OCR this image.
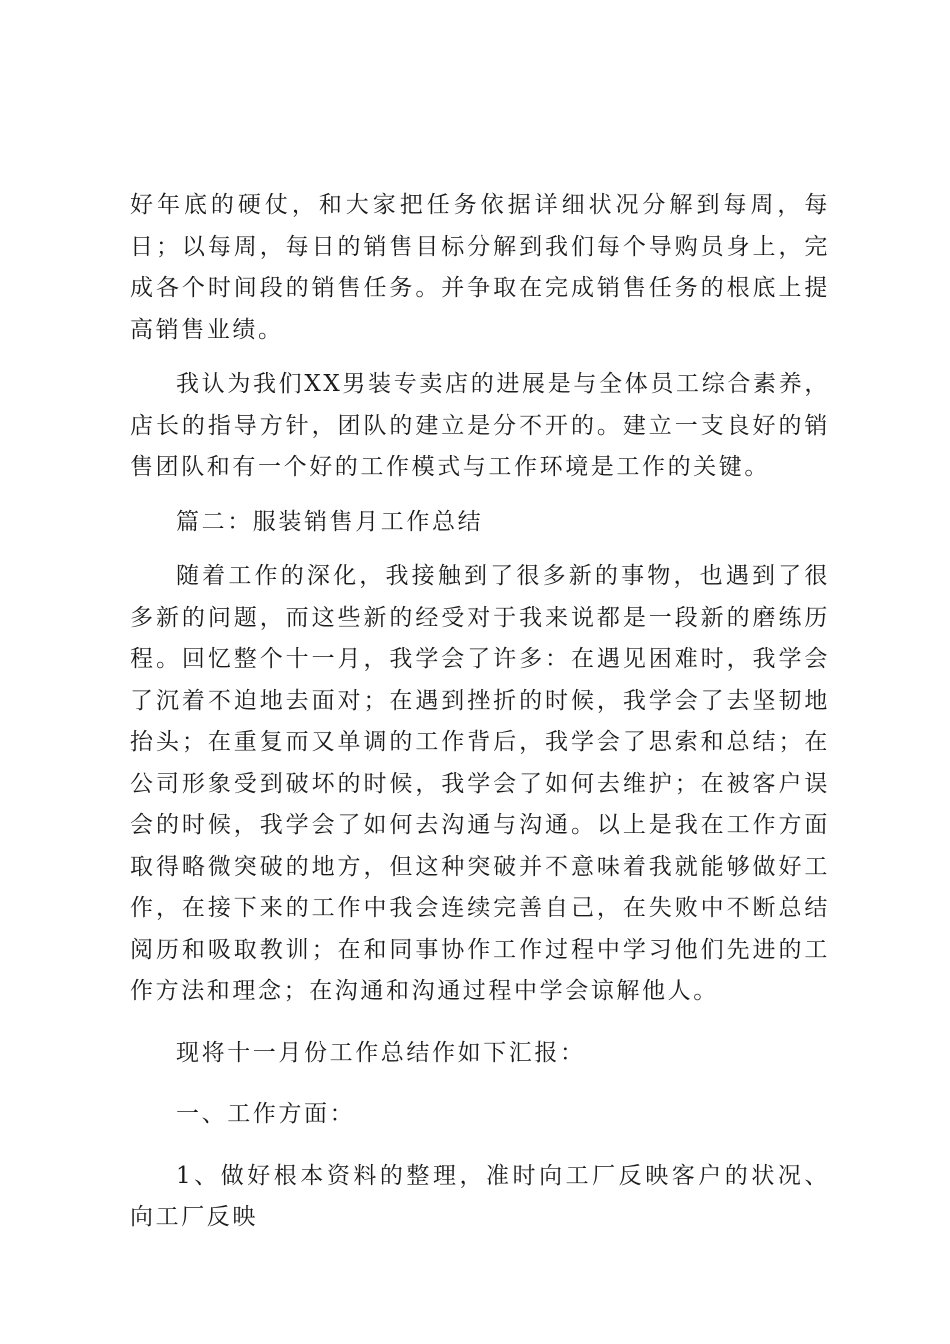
好年底的硬仗，和大家把任务依据详细状况分解到每周，每日；以每周，每日的销售目标分解到我们每个导购员身上，完成各个时间段的销售任务。并争取在完成销售任务的根底上提高销售业绩。

我认为我们XX男装专卖店的进展是与全体员工综合素养，店长的指导方针，团队的建立是分不开的。建立一支良好的销售团队和有一个好的工作模式与工作环境是工作的关键。

篇二：服装销售月工作总结

随着工作的深化，我接触到了很多新的事物，也遇到了很多新的问题，而这些新的经受对于我来说都是一段新的磨练历程。回忆整个十一月，我学会了许多：在遇见困难时，我学会了沉着不迫地去面对；在遇到挫折的时候，我学会了去坚韧地抬头；在重复而又单调的工作背后，我学会了思索和总结；在公司形象受到破坏的时候，我学会了如何去维护；在被客户误会的时候，我学会了如何去沟通与沟通。以上是我在工作方面取得略微突破的地方，但这种突破并不意味着我就能够做好工作，在接下来的工作中我会连续完善自己，在失败中不断总结阅历和吸取教训；在和同事协作工作过程中学习他们先进的工作方法和理念；在沟通和沟通过程中学会谅解他人。

现将十一月份工作总结作如下汇报：

一、工作方面：

1、做好根本资料的整理，准时向工厂反映客户的状况、向工厂反映
